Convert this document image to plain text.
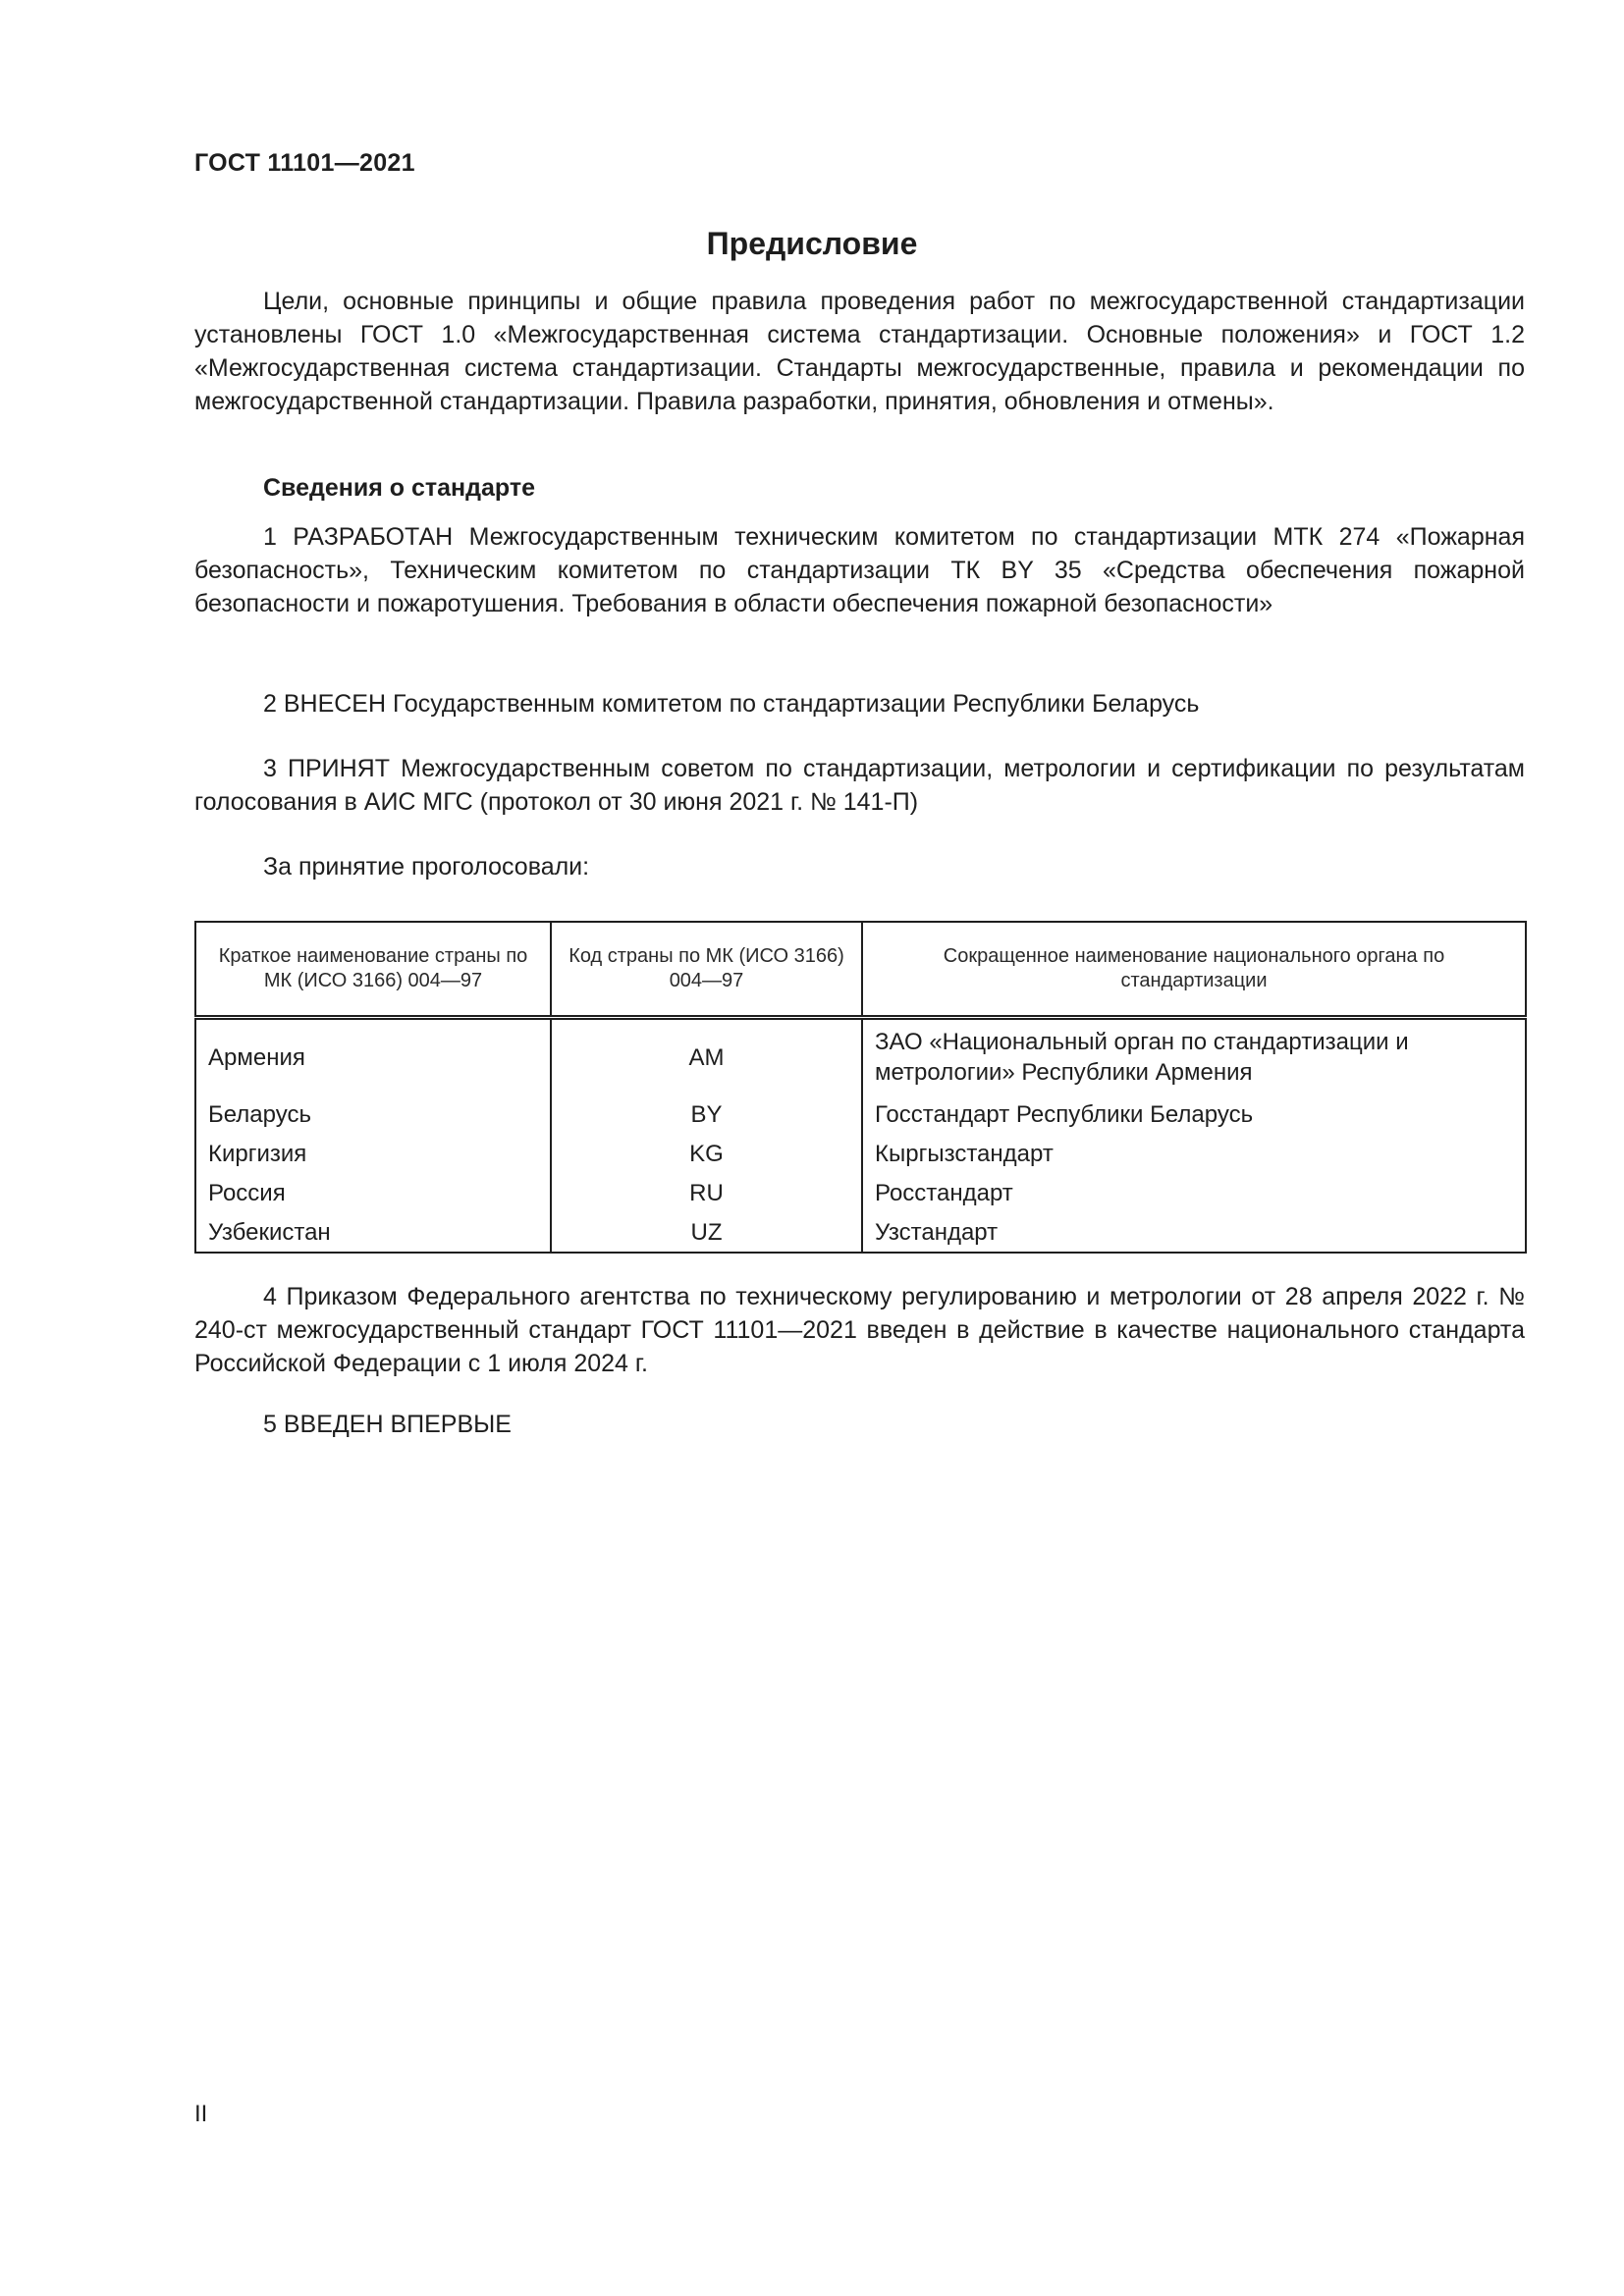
ГОСТ 11101—2021
Предисловие

Цели, основные принципы и общие правила проведения работ по межгосударственной стандартизации установлены ГОСТ 1.0 «Межгосударственная система стандартизации. Основные положения» и ГОСТ 1.2 «Межгосударственная система стандартизации. Стандарты межгосударственные, правила и рекомендации по межгосударственной стандартизации. Правила разработки, принятия, обновления и отмены».

Сведения о стандарте

1 РАЗРАБОТАН Межгосударственным техническим комитетом по стандартизации МТК 274 «Пожарная безопасность», Техническим комитетом по стандартизации ТК BY 35 «Средства обеспечения пожарной безопасности и пожаротушения. Требования в области обеспечения пожарной безопасности»

2 ВНЕСЕН Государственным комитетом по стандартизации Республики Беларусь

3 ПРИНЯТ Межгосударственным советом по стандартизации, метрологии и сертификации по результатам голосования в АИС МГС (протокол от 30 июня 2021 г. № 141-П)

За принятие проголосовали:

Краткое наименование страны по МК (ИСО 3166) 004—97	Код страны по МК (ИСО 3166) 004—97	Сокращенное наименование национального органа по стандартизации
Армения	AM	ЗАО «Национальный орган по стандартизации и метрологии» Республики Армения
Беларусь	BY	Госстандарт Республики Беларусь
Киргизия	KG	Кыргызстандарт
Россия	RU	Росстандарт
Узбекистан	UZ	Узстандарт

4 Приказом Федерального агентства по техническому регулированию и метрологии от 28 апреля 2022 г. № 240-ст межгосударственный стандарт ГОСТ 11101—2021 введен в действие в качестве национального стандарта Российской Федерации с 1 июля 2024 г.

5 ВВЕДЕН ВПЕРВЫЕ

II
